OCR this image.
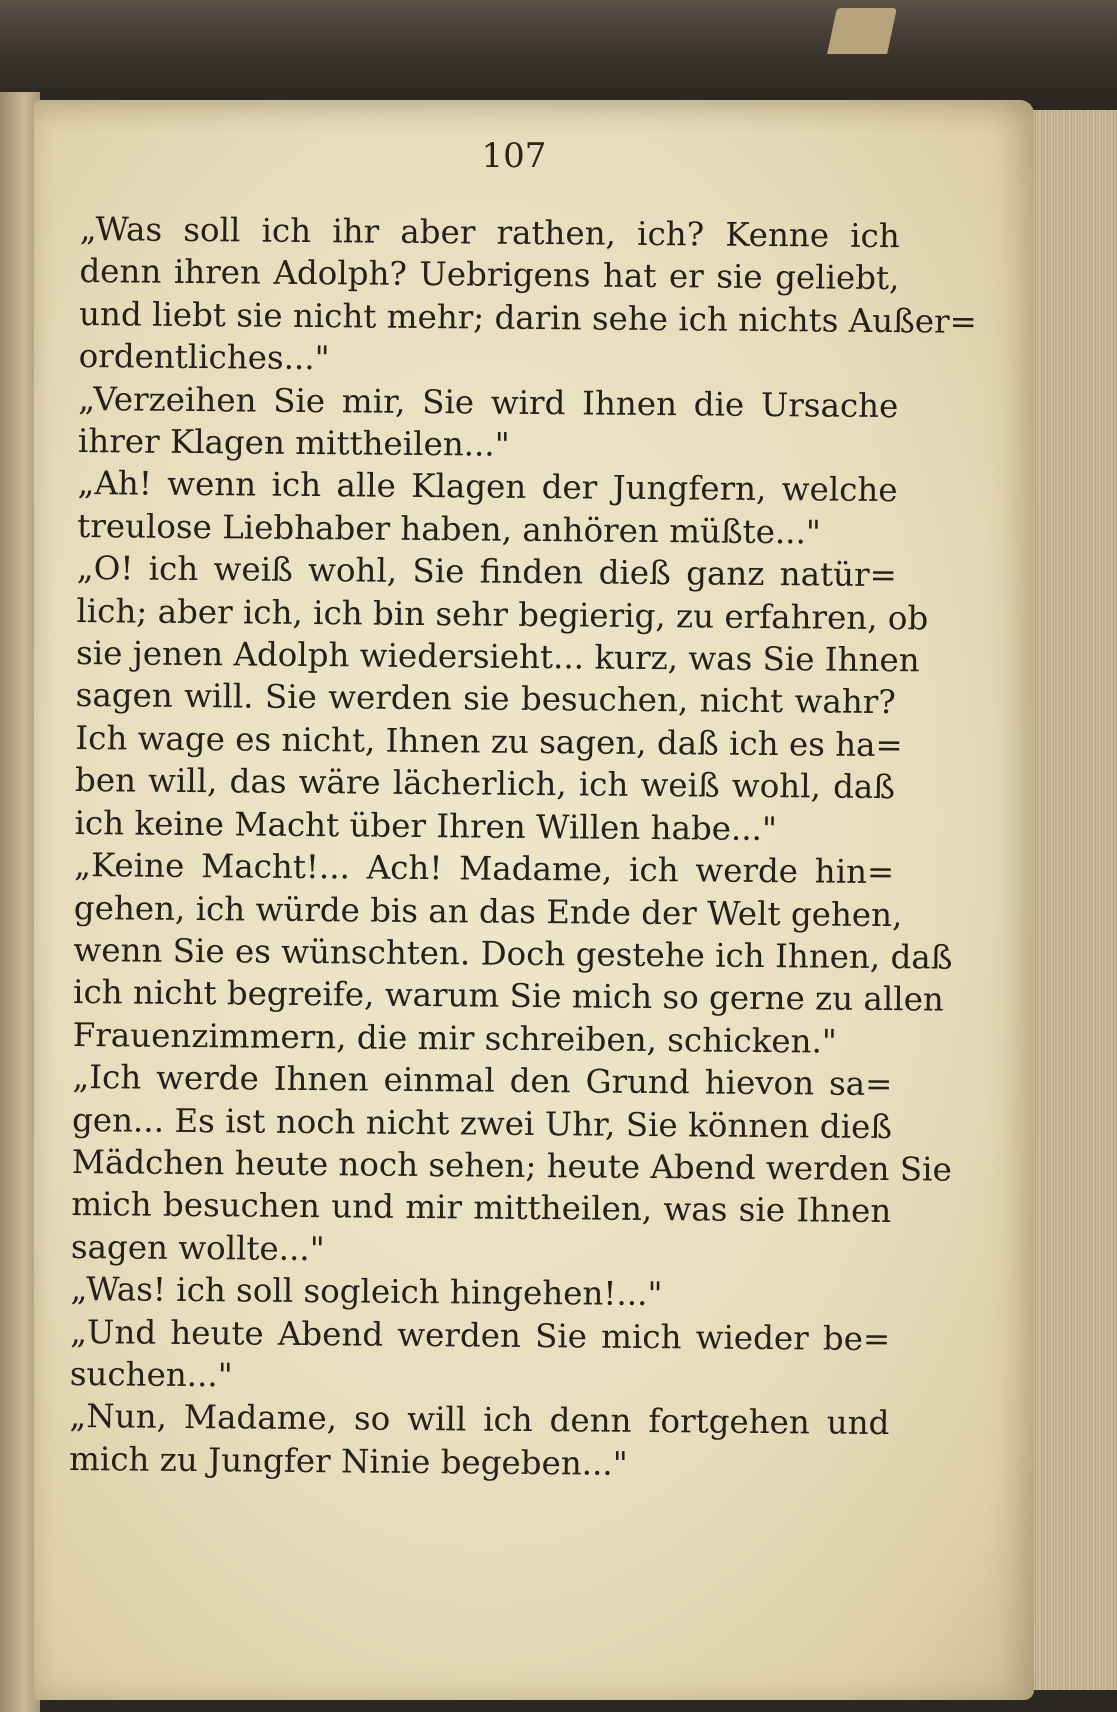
107
„Was soll ich ihr aber rathen, ich? Kenne ich
denn ihren Adolph? Uebrigens hat er sie geliebt,
und liebt sie nicht mehr; darin sehe ich nichts Außer=
ordentliches..."
„Verzeihen Sie mir, Sie wird Ihnen die Ursache
ihrer Klagen mittheilen..."
„Ah! wenn ich alle Klagen der Jungfern, welche
treulose Liebhaber haben, anhören müßte..."
„O! ich weiß wohl, Sie finden dieß ganz natür=
lich; aber ich, ich bin sehr begierig, zu erfahren, ob
sie jenen Adolph wiedersieht... kurz, was Sie Ihnen
sagen will. Sie werden sie besuchen, nicht wahr?
Ich wage es nicht, Ihnen zu sagen, daß ich es ha=
ben will, das wäre lächerlich, ich weiß wohl, daß
ich keine Macht über Ihren Willen habe..."
„Keine Macht!... Ach! Madame, ich werde hin=
gehen, ich würde bis an das Ende der Welt gehen,
wenn Sie es wünschten. Doch gestehe ich Ihnen, daß
ich nicht begreife, warum Sie mich so gerne zu allen
Frauenzimmern, die mir schreiben, schicken."
„Ich werde Ihnen einmal den Grund hievon sa=
gen... Es ist noch nicht zwei Uhr, Sie können dieß
Mädchen heute noch sehen; heute Abend werden Sie
mich besuchen und mir mittheilen, was sie Ihnen
sagen wollte..."
„Was! ich soll sogleich hingehen!..."
„Und heute Abend werden Sie mich wieder be=
suchen..."
„Nun, Madame, so will ich denn fortgehen und
mich zu Jungfer Ninie begeben..."
